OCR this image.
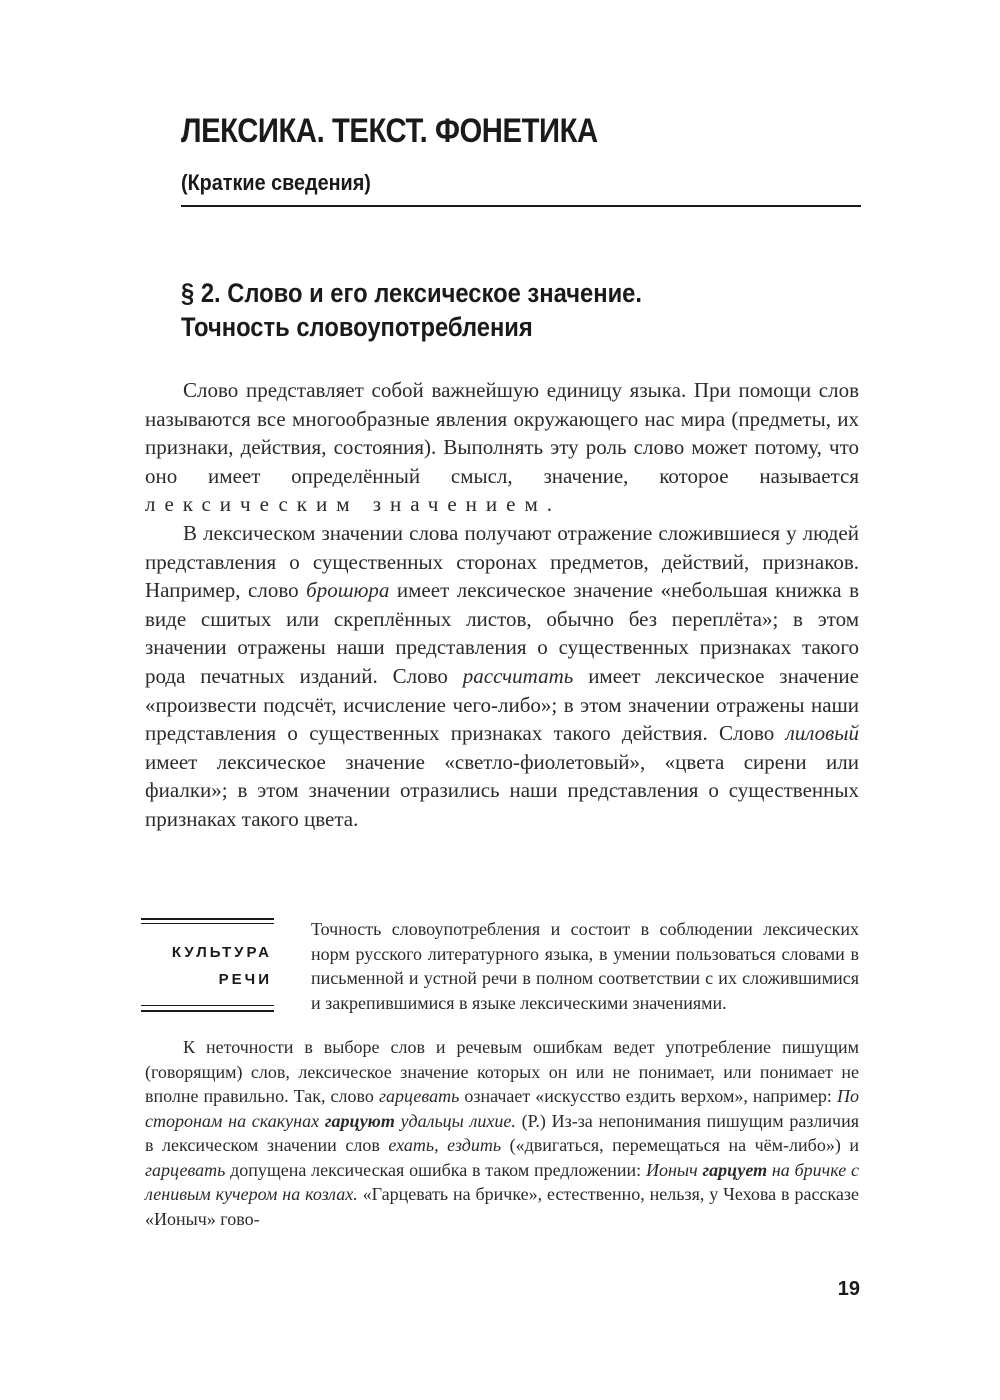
ЛЕКСИКА. ТЕКСТ. ФОНЕТИКА
(Краткие сведения)
§ 2. Слово и его лексическое значение.
Точность словоупотребления

Слово представляет собой важнейшую единицу языка. При помощи слов называются все многообразные явления окружающего нас мира (предметы, их признаки, действия, состояния). Выполнять эту роль слово может потому, что оно имеет определённый смысл, значение, которое называется лексическим значением.

В лексическом значении слова получают отражение сложившиеся у людей представления о существенных сторонах предметов, действий, признаков. Например, слово брошюра имеет лексическое значение «небольшая книжка в виде сшитых или скреплённых листов, обычно без переплёта»; в этом значении отражены наши представления о существенных признаках такого рода печатных изданий. Слово рассчитать имеет лексическое значение «произвести подсчёт, исчисление чего-либо»; в этом значении отражены наши представления о существенных признаках такого действия. Слово лиловый имеет лексическое значение «светло-фиолетовый», «цвета сирени или фиалки»; в этом значении отразились наши представления о существенных признаках такого цвета.

КУЛЬТУРА
РЕЧИ

Точность словоупотребления и состоит в соблюдении лексических норм русского литературного языка, в умении пользоваться словами в письменной и устной речи в полном соответствии с их сложившимися и закрепившимися в языке лексическими значениями.

К неточности в выборе слов и речевым ошибкам ведет употребление пишущим (говорящим) слов, лексическое значение которых он или не понимает, или понимает не вполне правильно. Так, слово гарцевать означает «искусство ездить верхом», например: По сторонам на скакунах гарцуют удальцы лихие. (Р.) Из-за непонимания пишущим различия в лексическом значении слов ехать, ездить («двигаться, перемещаться на чём-либо») и гарцевать допущена лексическая ошибка в таком предложении: Ионыч гарцует на бричке с ленивым кучером на козлах. «Гарцевать на бричке», естественно, нельзя, у Чехова в рассказе «Ионыч» гово-

19
